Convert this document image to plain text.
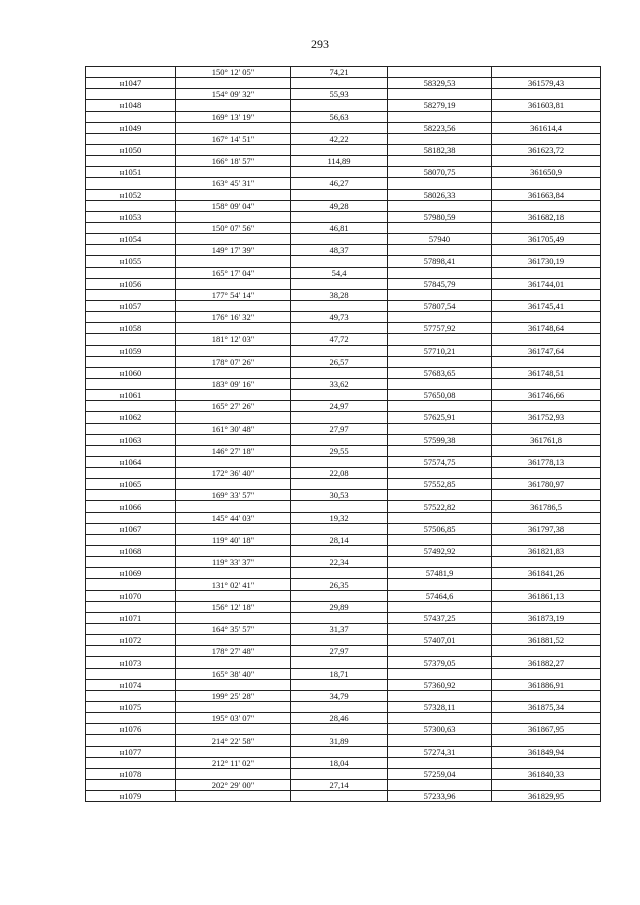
293
	150° 12' 05"	74,21		
н1047			58329,53	361579,43
	154° 09' 32"	55,93		
н1048			58279,19	361603,81
	169° 13' 19"	56,63		
н1049			58223,56	361614,4
	167° 14' 51"	42,22		
н1050			58182,38	361623,72
	166° 18' 57"	114,89		
н1051			58070,75	361650,9
	163° 45' 31"	46,27		
н1052			58026,33	361663,84
	158° 09' 04"	49,28		
н1053			57980,59	361682,18
	150° 07' 56"	46,81		
н1054			57940	361705,49
	149° 17' 39"	48,37		
н1055			57898,41	361730,19
	165° 17' 04"	54,4		
н1056			57845,79	361744,01
	177° 54' 14"	38,28		
н1057			57807,54	361745,41
	176° 16' 32"	49,73		
н1058			57757,92	361748,64
	181° 12' 03"	47,72		
н1059			57710,21	361747,64
	178° 07' 26"	26,57		
н1060			57683,65	361748,51
	183° 09' 16"	33,62		
н1061			57650,08	361746,66
	165° 27' 26"	24,97		
н1062			57625,91	361752,93
	161° 30' 48"	27,97		
н1063			57599,38	361761,8
	146° 27' 18"	29,55		
н1064			57574,75	361778,13
	172° 36' 40"	22,08		
н1065			57552,85	361780,97
	169° 33' 57"	30,53		
н1066			57522,82	361786,5
	145° 44' 03"	19,32		
н1067			57506,85	361797,38
	119° 40' 18"	28,14		
н1068			57492,92	361821,83
	119° 33' 37"	22,34		
н1069			57481,9	361841,26
	131° 02' 41"	26,35		
н1070			57464,6	361861,13
	156° 12' 18"	29,89		
н1071			57437,25	361873,19
	164° 35' 57"	31,37		
н1072			57407,01	361881,52
	178° 27' 48"	27,97		
н1073			57379,05	361882,27
	165° 38' 40"	18,71		
н1074			57360,92	361886,91
	199° 25' 28"	34,79		
н1075			57328,11	361875,34
	195° 03' 07"	28,46		
н1076			57300,63	361867,95
	214° 22' 58"	31,89		
н1077			57274,31	361849,94
	212° 11' 02"	18,04		
н1078			57259,04	361840,33
	202° 29' 00"	27,14		
н1079			57233,96	361829,95
